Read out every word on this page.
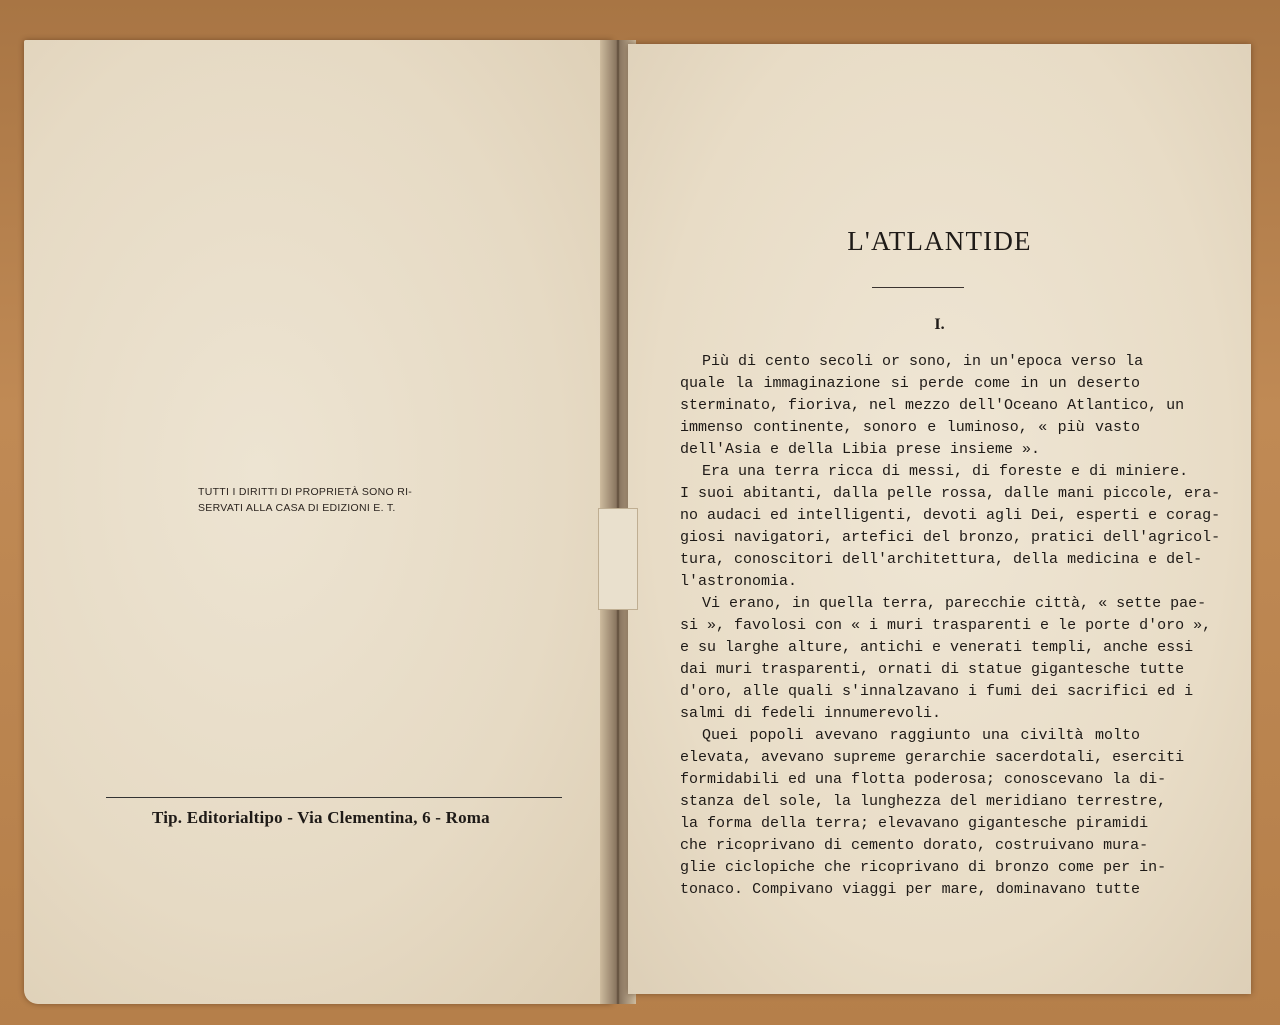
TUTTI I DIRITTI DI PROPRIETÀ SONO RI-
SERVATI ALLA CASA DI EDIZIONI E. T.
Tip. Editorialtipo - Via Clementina, 6 - Roma
L'ATLANTIDE
I.
Più di cento secoli or sono, in un'epoca verso la
quale la immaginazione si perde come in un deserto
sterminato, fioriva, nel mezzo dell'Oceano Atlantico, un
immenso continente, sonoro e luminoso, « più vasto
dell'Asia e della Libia prese insieme ».
Era una terra ricca di messi, di foreste e di miniere.
I suoi abitanti, dalla pelle rossa, dalle mani piccole, era-
no audaci ed intelligenti, devoti agli Dei, esperti e corag-
giosi navigatori, artefici del bronzo, pratici dell'agricol-
tura, conoscitori dell'architettura, della medicina e del-
l'astronomia.
Vi erano, in quella terra, parecchie città, « sette pae-
si », favolosi con « i muri trasparenti e le porte d'oro »,
e su larghe alture, antichi e venerati templi, anche essi
dai muri trasparenti, ornati di statue gigantesche tutte
d'oro, alle quali s'innalzavano i fumi dei sacrifici ed i
salmi di fedeli innumerevoli.
Quei popoli avevano raggiunto una civiltà molto
elevata, avevano supreme gerarchie sacerdotali, eserciti
formidabili ed una flotta poderosa; conoscevano la di-
stanza del sole, la lunghezza del meridiano terrestre,
la forma della terra; elevavano gigantesche piramidi
che ricoprivano di cemento dorato, costruivano mura-
glie ciclopiche che ricoprivano di bronzo come per in-
tonaco. Compivano viaggi per mare, dominavano tutte
